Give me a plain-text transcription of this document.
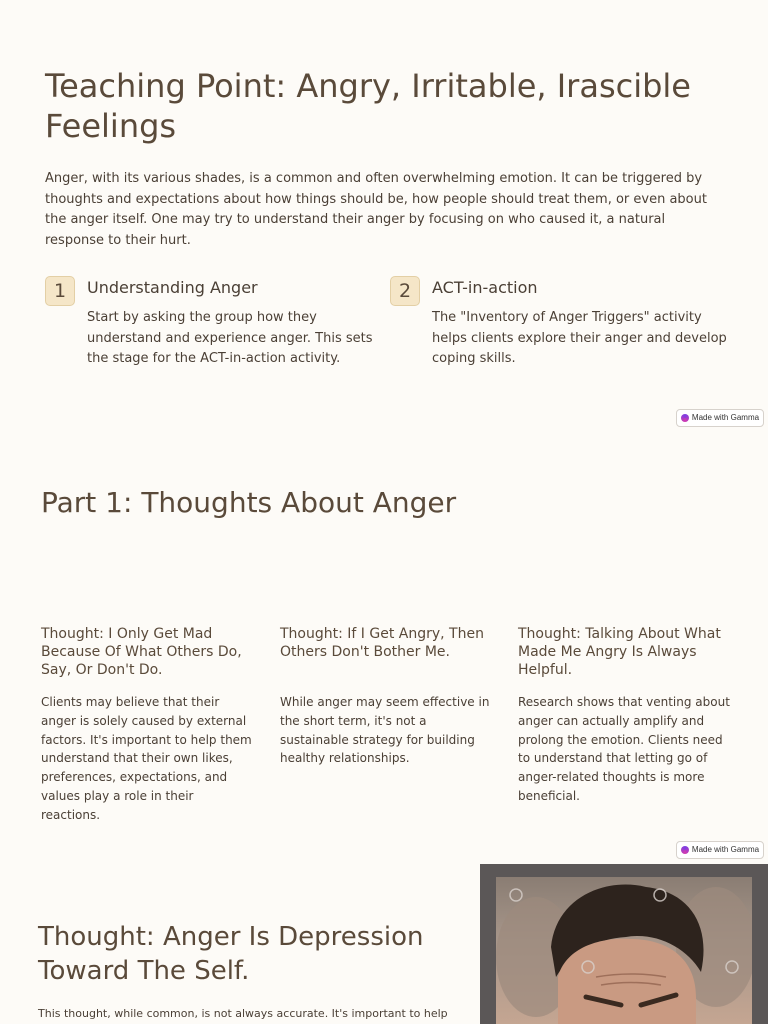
Teaching Point: Angry, Irritable, Irascible Feelings

Anger, with its various shades, is a common and often overwhelming emotion. It can be triggered by thoughts and expectations about how things should be, how people should treat them, or even about the anger itself. One may try to understand their anger by focusing on who caused it, a natural response to their hurt.

1	Understanding Anger
Start by asking the group how they understand and experience anger. This sets the stage for the ACT-in-action activity.
2	ACT-in-action
The "Inventory of Anger Triggers" activity helps clients explore their anger and develop coping skills.
Made with Gamma
Part 1: Thoughts About Anger
Thought: I Only Get Mad Because Of What Others Do, Say, Or Don't Do.
Clients may believe that their anger is solely caused by external factors. It's important to help them understand that their own likes, preferences, expectations, and values play a role in their reactions.
Thought: If I Get Angry, Then Others Don't Bother Me.
While anger may seem effective in the short term, it's not a sustainable strategy for building healthy relationships.
Thought: Talking About What Made Me Angry Is Always Helpful.
Research shows that venting about anger can actually amplify and prolong the emotion. Clients need to understand that letting go of anger-related thoughts is more beneficial.
Made with Gamma
Thought: Anger Is Depression Toward The Self.

This thought, while common, is not always accurate. It's important to help
